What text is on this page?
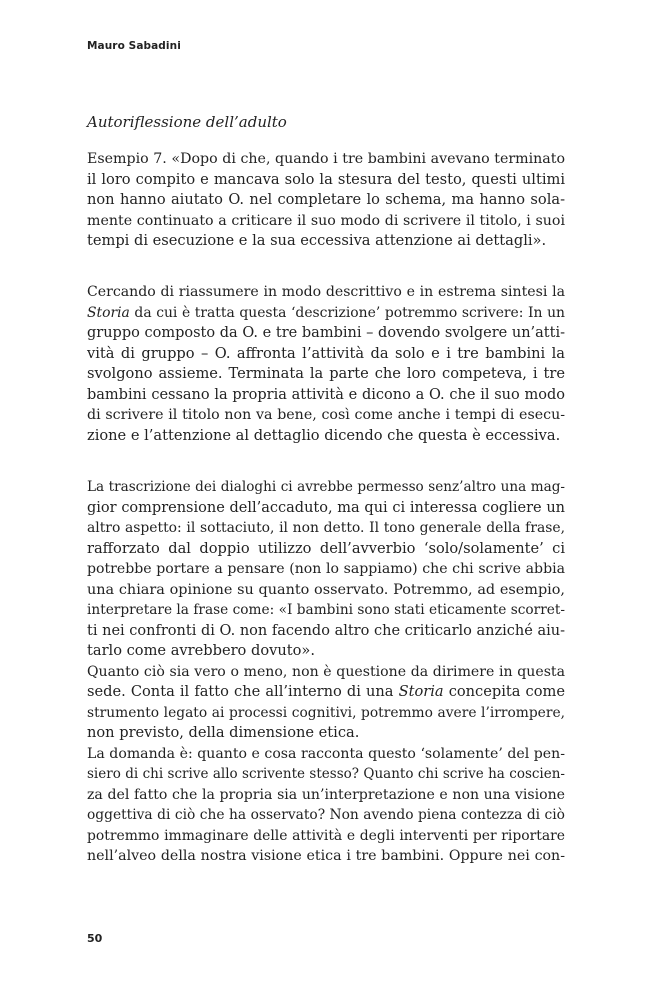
Mauro Sabadini
Autoriflessione dell’adulto
Esempio 7. «Dopo di che, quando i tre bambini avevano terminato
il loro compito e mancava solo la stesura del testo, questi ultimi
non hanno aiutato O. nel completare lo schema, ma hanno sola-
mente continuato a criticare il suo modo di scrivere il titolo, i suoi
tempi di esecuzione e la sua eccessiva attenzione ai dettagli».
Cercando di riassumere in modo descrittivo e in estrema sintesi la
Storia da cui è tratta questa ‘descrizione’ potremmo scrivere: In un
gruppo composto da O. e tre bambini – dovendo svolgere un’atti-
vità di gruppo – O. affronta l’attività da solo e i tre bambini la
svolgono assieme. Terminata la parte che loro competeva, i tre
bambini cessano la propria attività e dicono a O. che il suo modo
di scrivere il titolo non va bene, così come anche i tempi di esecu-
zione e l’attenzione al dettaglio dicendo che questa è eccessiva.
La trascrizione dei dialoghi ci avrebbe permesso senz’altro una mag-
gior comprensione dell’accaduto, ma qui ci interessa cogliere un
altro aspetto: il sottaciuto, il non detto. Il tono generale della frase,
rafforzato dal doppio utilizzo dell’avverbio ‘solo/solamente’ ci
potrebbe portare a pensare (non lo sappiamo) che chi scrive abbia
una chiara opinione su quanto osservato. Potremmo, ad esempio,
interpretare la frase come: «I bambini sono stati eticamente scorret-
ti nei confronti di O. non facendo altro che criticarlo anziché aiu-
tarlo come avrebbero dovuto».
Quanto ciò sia vero o meno, non è questione da dirimere in questa
sede. Conta il fatto che all’interno di una Storia concepita come
strumento legato ai processi cognitivi, potremmo avere l’irrompere,
non previsto, della dimensione etica.
La domanda è: quanto e cosa racconta questo ‘solamente’ del pen-
siero di chi scrive allo scrivente stesso? Quanto chi scrive ha coscien-
za del fatto che la propria sia un’interpretazione e non una visione
oggettiva di ciò che ha osservato? Non avendo piena contezza di ciò
potremmo immaginare delle attività e degli interventi per riportare
nell’alveo della nostra visione etica i tre bambini. Oppure nei con-
50
